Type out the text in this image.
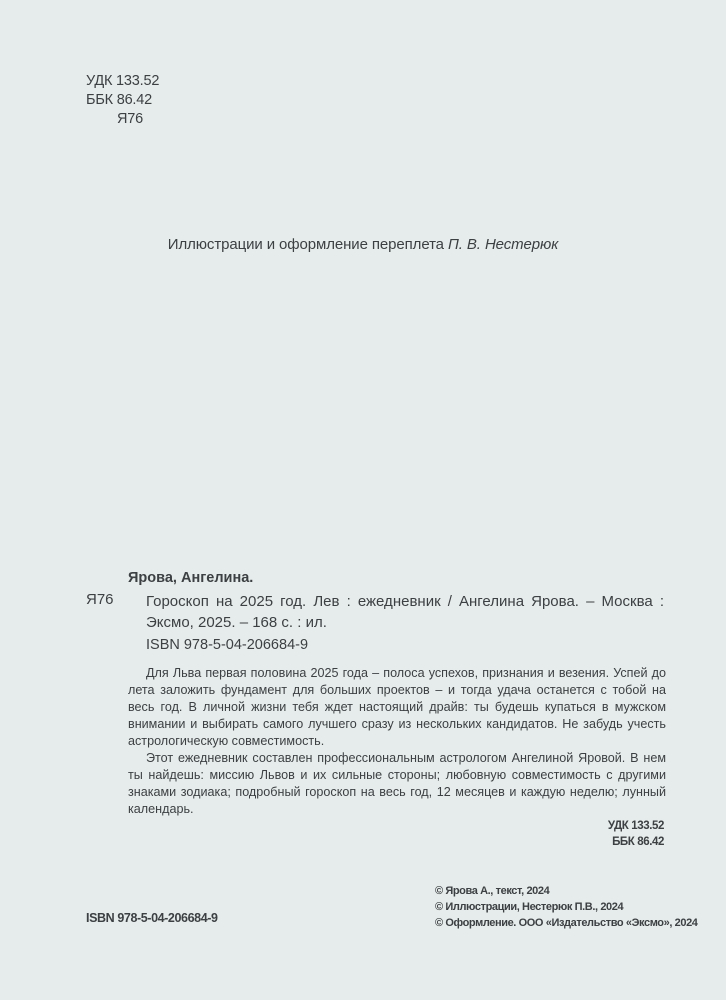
УДК 133.52
ББК 86.42
Я76
Иллюстрации и оформление переплета П. В. Нестерюк
Ярова, Ангелина.
Я76 Гороскоп на 2025 год. Лев : ежедневник / Ангелина Ярова. – Москва : Эксмо, 2025. – 168 с. : ил.
ISBN 978-5-04-206684-9

Для Льва первая половина 2025 года – полоса успехов, признания и везения. Успей до лета заложить фундамент для больших проектов – и тогда удача останется с тобой на весь год. В личной жизни тебя ждет настоящий драйв: ты будешь купаться в мужском внимании и выбирать самого лучшего сразу из нескольких кандидатов. Не забудь учесть астрологическую совместимость.

Этот ежедневник составлен профессиональным астрологом Ангелиной Яровой. В нем ты найдешь: миссию Львов и их сильные стороны; любовную совместимость с другими знаками зодиака; подробный гороскоп на весь год, 12 месяцев и каждую неделю; лунный календарь.

УДК 133.52
ББК 86.42
ISBN 978-5-04-206684-9
© Ярова А., текст, 2024
© Иллюстрации, Нестерюк П.В., 2024
© Оформление. ООО «Издательство «Эксмо», 2024
